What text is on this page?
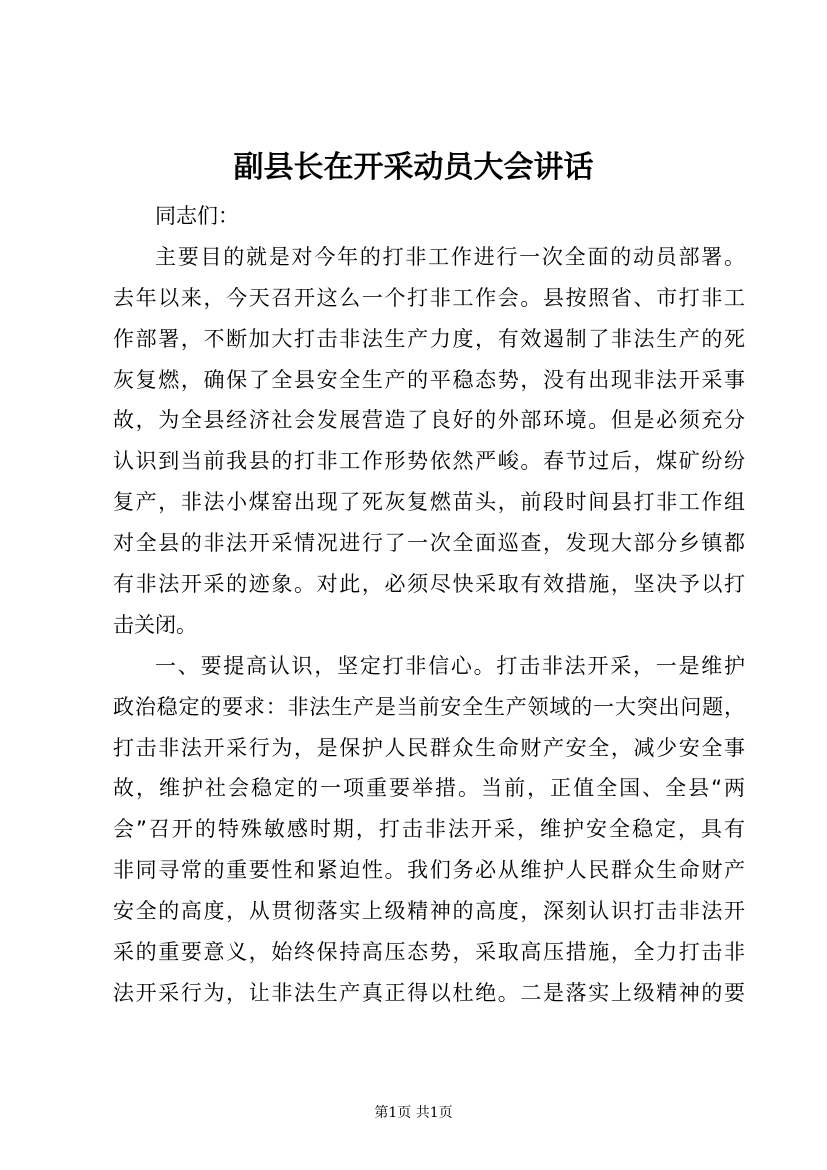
副县长在开采动员大会讲话
同志们：
主要目的就是对今年的打非工作进行一次全面的动员部署。
去年以来，今天召开这么一个打非工作会。县按照省、市打非工
作部署，不断加大打击非法生产力度，有效遏制了非法生产的死
灰复燃，确保了全县安全生产的平稳态势，没有出现非法开采事
故，为全县经济社会发展营造了良好的外部环境。但是必须充分
认识到当前我县的打非工作形势依然严峻。春节过后，煤矿纷纷
复产，非法小煤窑出现了死灰复燃苗头，前段时间县打非工作组
对全县的非法开采情况进行了一次全面巡查，发现大部分乡镇都
有非法开采的迹象。对此，必须尽快采取有效措施，坚决予以打
击关闭。
一、要提高认识，坚定打非信心。打击非法开采，一是维护
政治稳定的要求：非法生产是当前安全生产领域的一大突出问题，
打击非法开采行为，是保护人民群众生命财产安全，减少安全事
故，维护社会稳定的一项重要举措。当前，正值全国、全县“两
会”召开的特殊敏感时期，打击非法开采，维护安全稳定，具有
非同寻常的重要性和紧迫性。我们务必从维护人民群众生命财产
安全的高度，从贯彻落实上级精神的高度，深刻认识打击非法开
采的重要意义，始终保持高压态势，采取高压措施，全力打击非
法开采行为，让非法生产真正得以杜绝。二是落实上级精神的要
第1页 共1页
